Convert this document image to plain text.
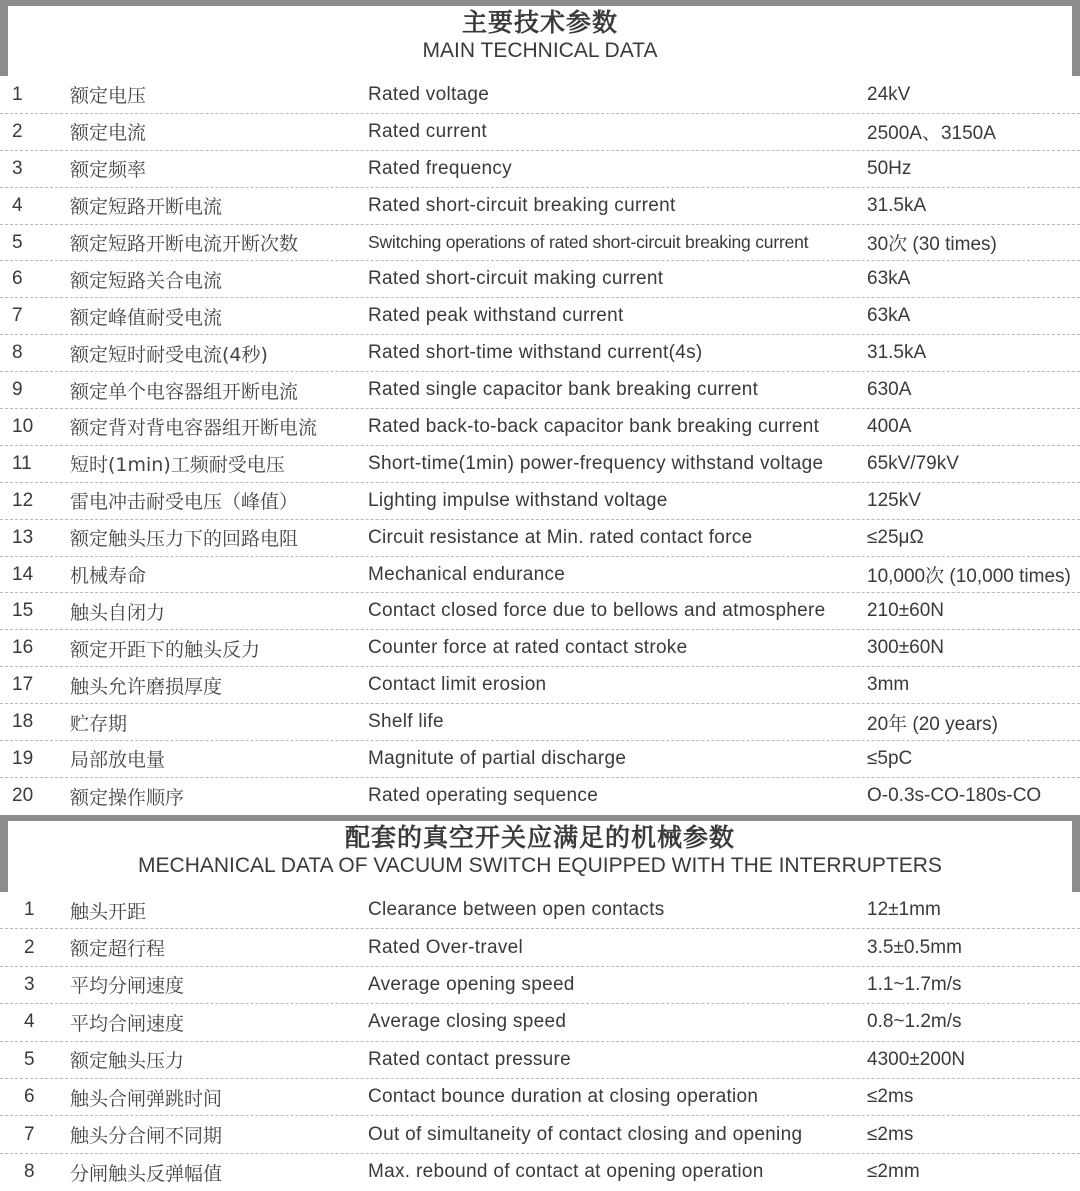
主要技术参数
MAIN TECHNICAL DATA
1	额定电压	Rated voltage	24kV
2	额定电流	Rated current	2500A、3150A
3	额定频率	Rated frequency	50Hz
4	额定短路开断电流	Rated short-circuit breaking current	31.5kA
5	额定短路开断电流开断次数	Switching operations of rated short-circuit breaking current	30次 (30 times)
6	额定短路关合电流	Rated short-circuit making current	63kA
7	额定峰值耐受电流	Rated peak withstand current	63kA
8	额定短时耐受电流(4秒)	Rated short-time withstand current(4s)	31.5kA
9	额定单个电容器组开断电流	Rated single capacitor bank breaking current	630A
10	额定背对背电容器组开断电流	Rated back-to-back capacitor bank breaking current	400A
11	短时(1min)工频耐受电压	Short-time(1min) power-frequency withstand voltage 65kV/79kV
12	雷电冲击耐受电压（峰值）	Lighting impulse withstand voltage	125kV
13	额定触头压力下的回路电阻	Circuit resistance at Min. rated contact force	≤25μΩ
14	机械寿命	Mechanical endurance	10,000次 (10,000 times)
15	触头自闭力	Contact closed force due to bellows and atmosphere 210±60N
16	额定开距下的触头反力	Counter force at rated contact stroke	300±60N
17	触头允许磨损厚度	Contact limit erosion	3mm
18	贮存期	Shelf life	20年 (20 years)
19	局部放电量	Magnitute of partial discharge	≤5pC
20	额定操作顺序	Rated operating sequence	O-0.3s-CO-180s-CO
配套的真空开关应满足的机械参数
MECHANICAL DATA OF VACUUM SWITCH EQUIPPED WITH THE INTERRUPTERS
1	触头开距	Clearance between open contacts	12±1mm
2	额定超行程	Rated Over-travel	3.5±0.5mm
3	平均分闸速度	Average opening speed	1.1~1.7m/s
4	平均合闸速度	Average closing speed	0.8~1.2m/s
5	额定触头压力	Rated contact pressure	4300±200N
6	触头合闸弹跳时间	Contact bounce duration at closing operation	≤2ms
7	触头分合闸不同期	Out of simultaneity of contact closing and opening	≤2ms
8	分闸触头反弹幅值	Max. rebound of contact at opening operation	≤2mm
